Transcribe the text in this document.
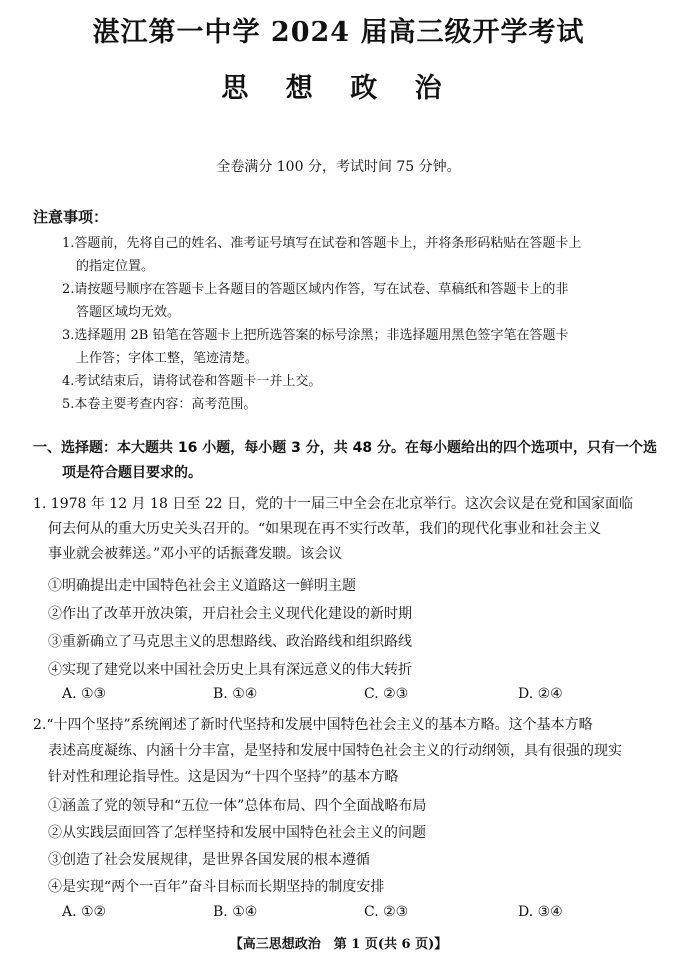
湛江第一中学 2024 届高三级开学考试
思 想 政 治
全卷满分 100 分，考试时间 75 分钟。
注意事项：
1.答题前，先将自己的姓名、准考证号填写在试卷和答题卡上，并将条形码粘贴在答题卡上
的指定位置。
2.请按题号顺序在答题卡上各题目的答题区域内作答，写在试卷、草稿纸和答题卡上的非
答题区域均无效。
3.选择题用 2B 铅笔在答题卡上把所选答案的标号涂黑；非选择题用黑色签字笔在答题卡
上作答；字体工整，笔迹清楚。
4.考试结束后，请将试卷和答题卡一并上交。
5.本卷主要考查内容：高考范围。
一、选择题：本大题共 16 小题，每小题 3 分，共 48 分。在每小题给出的四个选项中，只有一个选
项是符合题目要求的。
1. 1978 年 12 月 18 日至 22 日，党的十一届三中全会在北京举行。这次会议是在党和国家面临
何去何从的重大历史关头召开的。“如果现在再不实行改革，我们的现代化事业和社会主义
事业就会被葬送。”邓小平的话振聋发聩。该会议
①明确提出走中国特色社会主义道路这一鲜明主题
②作出了改革开放决策，开启社会主义现代化建设的新时期
③重新确立了马克思主义的思想路线、政治路线和组织路线
④实现了建党以来中国社会历史上具有深远意义的伟大转折
A. ①③	B. ①④	C. ②③	D. ②④
2.“十四个坚持”系统阐述了新时代坚持和发展中国特色社会主义的基本方略。这个基本方略
表述高度凝练、内涵十分丰富，是坚持和发展中国特色社会主义的行动纲领，具有很强的现实
针对性和理论指导性。这是因为“十四个坚持”的基本方略
①涵盖了党的领导和“五位一体”总体布局、四个全面战略布局
②从实践层面回答了怎样坚持和发展中国特色社会主义的问题
③创造了社会发展规律，是世界各国发展的根本遵循
④是实现“两个一百年”奋斗目标而长期坚持的制度安排
A. ①②	B. ①④	C. ②③	D. ③④
【高三思想政治　第 1 页(共 6 页)】
